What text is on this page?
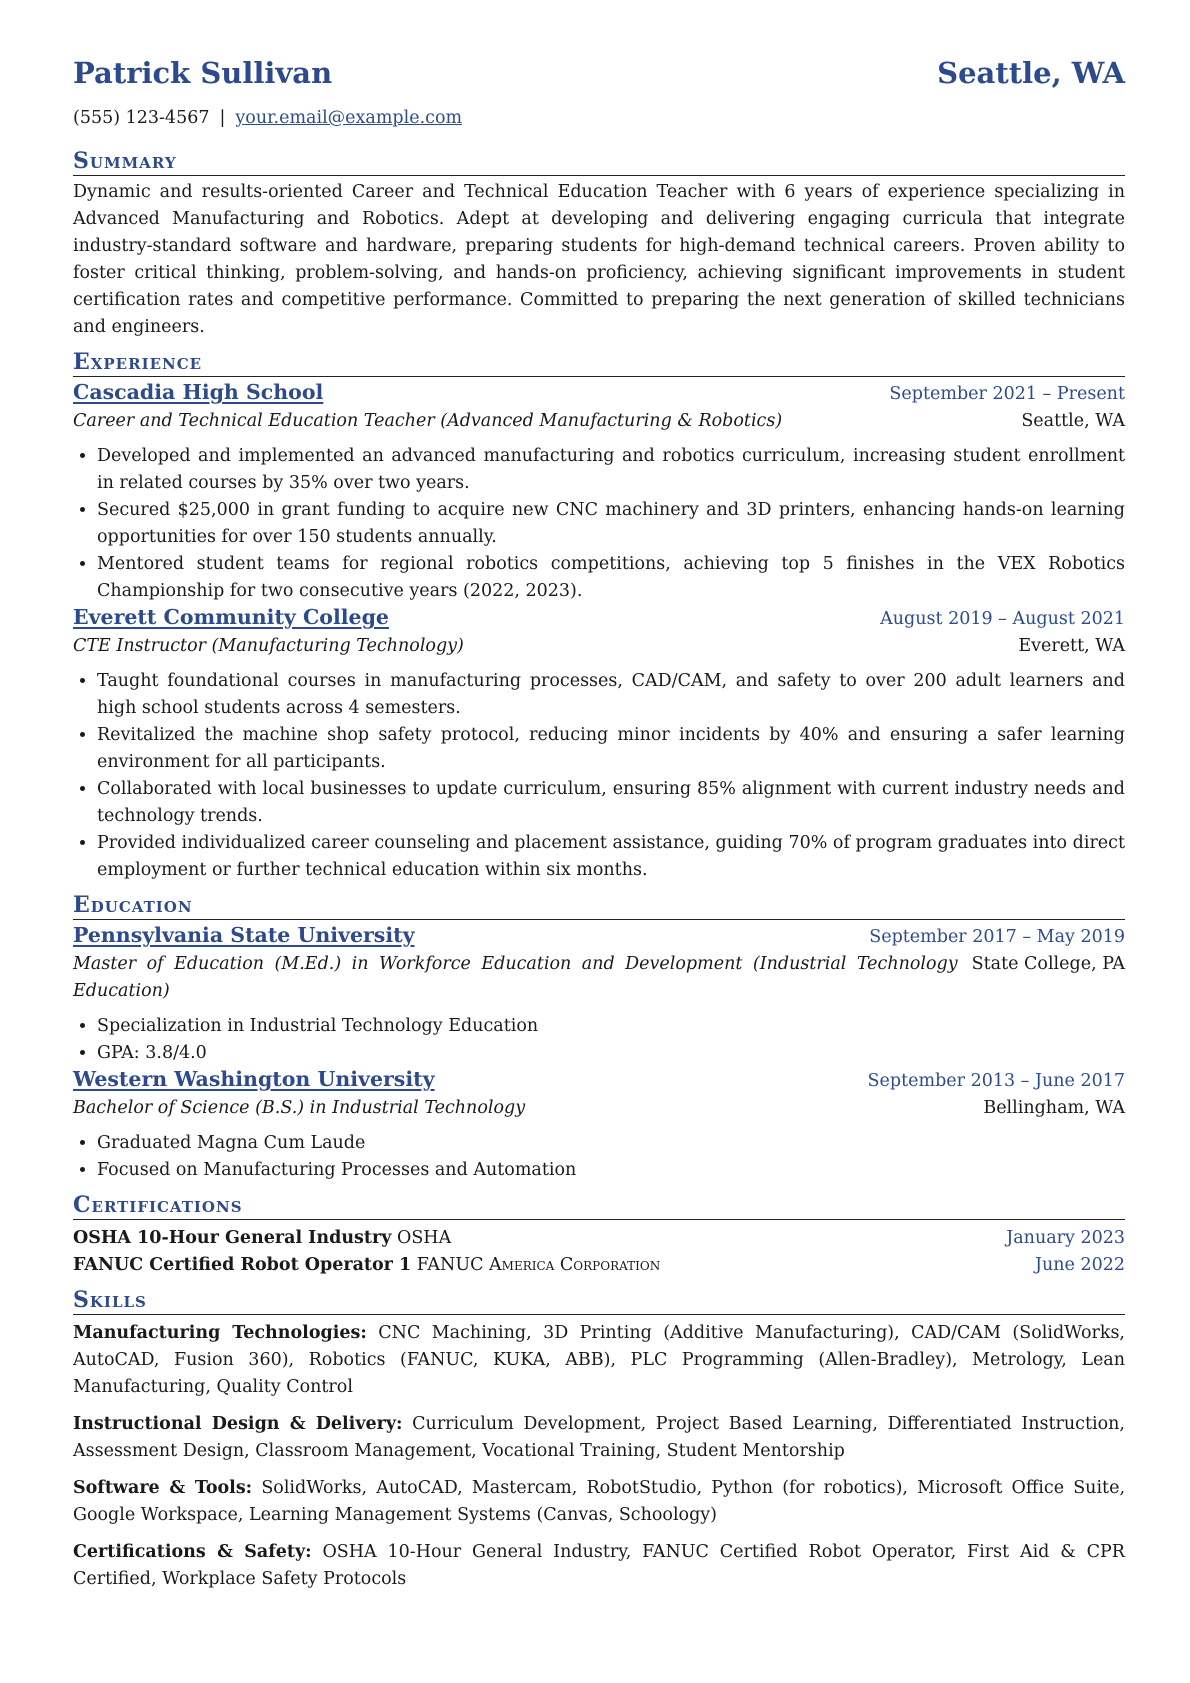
Patrick Sullivan	Seattle, WA
(555) 123-4567 | your.email@example.com
Summary
Dynamic and results-oriented Career and Technical Education Teacher with 6 years of experience specializing in Advanced Manufacturing and Robotics. Adept at developing and delivering engaging curricula that integrate industry-standard software and hardware, preparing students for high-demand technical careers. Proven ability to foster critical thinking, problem-solving, and hands-on proficiency, achieving significant improvements in student certification rates and competitive performance. Committed to preparing the next generation of skilled technicians and engineers.
Experience
Cascadia High School	September 2021 – Present
Career and Technical Education Teacher (Advanced Manufacturing & Robotics)	Seattle, WA
• Developed and implemented an advanced manufacturing and robotics curriculum, increasing student enrollment in related courses by 35% over two years.
• Secured $25,000 in grant funding to acquire new CNC machinery and 3D printers, enhancing hands-on learning opportunities for over 150 students annually.
• Mentored student teams for regional robotics competitions, achieving top 5 finishes in the VEX Robotics Championship for two consecutive years (2022, 2023).
Everett Community College	August 2019 – August 2021
CTE Instructor (Manufacturing Technology)	Everett, WA
• Taught foundational courses in manufacturing processes, CAD/CAM, and safety to over 200 adult learners and high school students across 4 semesters.
• Revitalized the machine shop safety protocol, reducing minor incidents by 40% and ensuring a safer learning environment for all participants.
• Collaborated with local businesses to update curriculum, ensuring 85% alignment with current industry needs and technology trends.
• Provided individualized career counseling and placement assistance, guiding 70% of program graduates into direct employment or further technical education within six months.
Education
Pennsylvania State University	September 2017 – May 2019
Master of Education (M.Ed.) in Workforce Education and Development (Industrial Technology Education)
State College, PA
• Specialization in Industrial Technology Education
• GPA: 3.8/4.0
Western Washington University	September 2013 – June 2017
Bachelor of Science (B.S.) in Industrial Technology	Bellingham, WA
• Graduated Magna Cum Laude
• Focused on Manufacturing Processes and Automation
Certifications
OSHA 10-Hour General Industry OSHA	January 2023
FANUC Certified Robot Operator 1 FANUC America Corporation	June 2022
Skills
Manufacturing Technologies: CNC Machining, 3D Printing (Additive Manufacturing), CAD/CAM (SolidWorks, AutoCAD, Fusion 360), Robotics (FANUC, KUKA, ABB), PLC Programming (Allen-Bradley), Metrology, Lean Manufacturing, Quality Control
Instructional Design & Delivery: Curriculum Development, Project Based Learning, Differentiated Instruction, Assessment Design, Classroom Management, Vocational Training, Student Mentorship
Software & Tools: SolidWorks, AutoCAD, Mastercam, RobotStudio, Python (for robotics), Microsoft Office Suite, Google Workspace, Learning Management Systems (Canvas, Schoology)
Certifications & Safety: OSHA 10-Hour General Industry, FANUC Certified Robot Operator, First Aid & CPR Certified, Workplace Safety Protocols
